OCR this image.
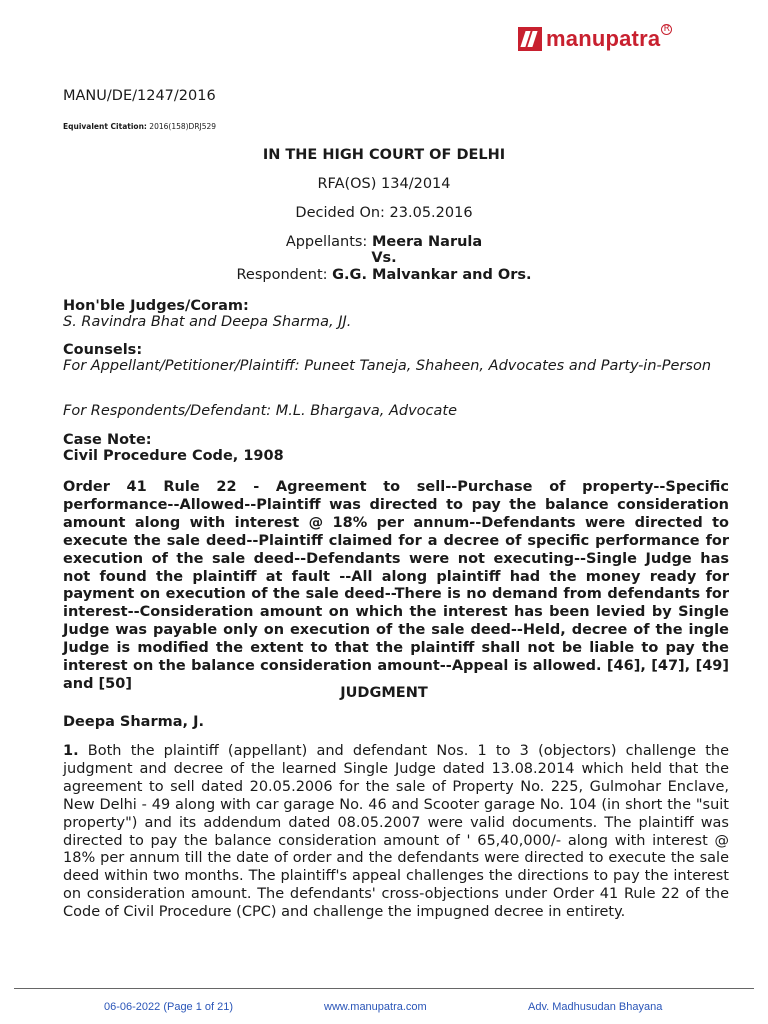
manupatra R
MANU/DE/1247/2016
Equivalent Citation: 2016(158)DRJ529
IN THE HIGH COURT OF DELHI
RFA(OS) 134/2014
Decided On: 23.05.2016
Appellants: Meera Narula
Vs.
Respondent: G.G. Malvankar and Ors.
Hon'ble Judges/Coram:
S. Ravindra Bhat and Deepa Sharma, JJ.
Counsels:
For Appellant/Petitioner/Plaintiff: Puneet Taneja, Shaheen, Advocates and Party-in-Person
For Respondents/Defendant: M.L. Bhargava, Advocate
Case Note:
Civil Procedure Code, 1908
Order 41 Rule 22 - Agreement to sell--Purchase of property--Specific performance--Allowed--Plaintiff was directed to pay the balance consideration amount along with interest @ 18% per annum--Defendants were directed to execute the sale deed--Plaintiff claimed for a decree of specific performance for execution of the sale deed--Defendants were not executing--Single Judge has not found the plaintiff at fault --All along plaintiff had the money ready for payment on execution of the sale deed--There is no demand from defendants for interest--Consideration amount on which the interest has been levied by Single Judge was payable only on execution of the sale deed--Held, decree of the ingle Judge is modified the extent to that the plaintiff shall not be liable to pay the interest on the balance consideration amount--Appeal is allowed. [46], [47], [49] and [50]
JUDGMENT
Deepa Sharma, J.
1. Both the plaintiff (appellant) and defendant Nos. 1 to 3 (objectors) challenge the judgment and decree of the learned Single Judge dated 13.08.2014 which held that the agreement to sell dated 20.05.2006 for the sale of Property No. 225, Gulmohar Enclave, New Delhi - 49 along with car garage No. 46 and Scooter garage No. 104 (in short the "suit property") and its addendum dated 08.05.2007 were valid documents. The plaintiff was directed to pay the balance consideration amount of ' 65,40,000/- along with interest @ 18% per annum till the date of order and the defendants were directed to execute the sale deed within two months. The plaintiff's appeal challenges the directions to pay the interest on consideration amount. The defendants' cross-objections under Order 41 Rule 22 of the Code of Civil Procedure (CPC) and challenge the impugned decree in entirety.
06-06-2022 (Page 1 of 21)	www.manupatra.com	Adv. Madhusudan Bhayana
